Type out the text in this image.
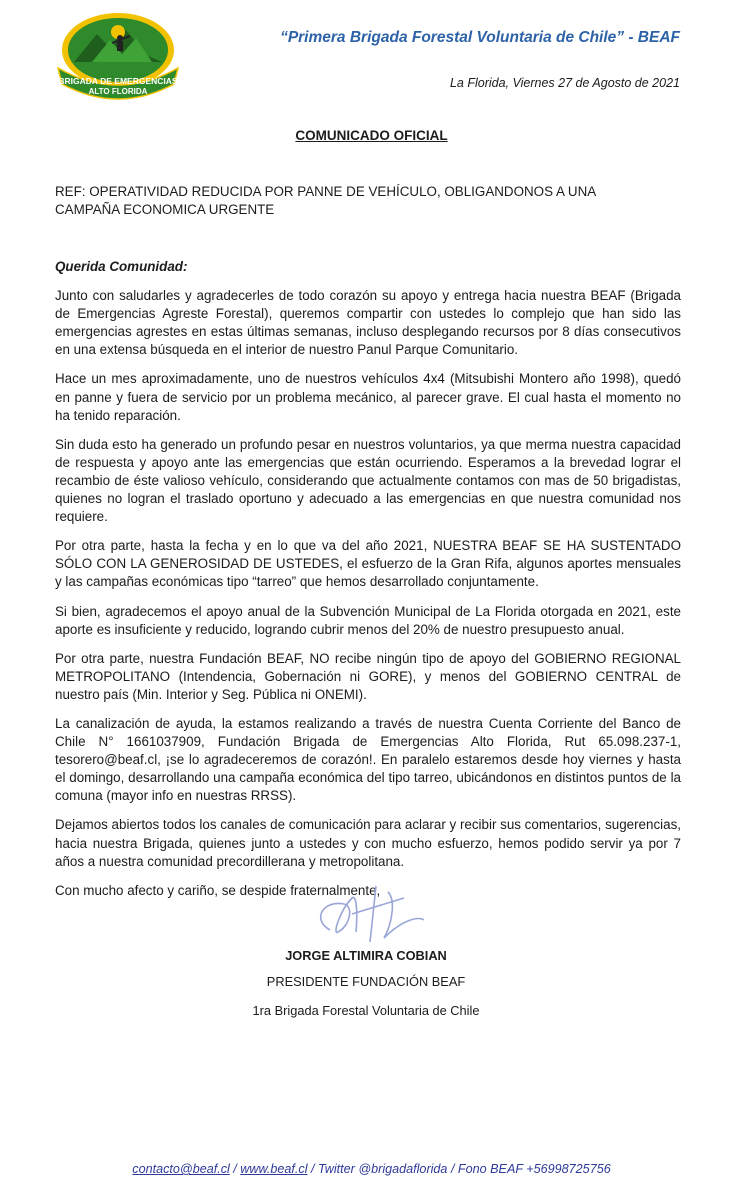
BRIGADA DE EMERGENCIAS
ALTO FLORIDA
“Primera Brigada Forestal Voluntaria de Chile” - BEAF
La Florida, Viernes 27 de Agosto de 2021
COMUNICADO OFICIAL
REF: OPERATIVIDAD REDUCIDA POR PANNE DE VEHÍCULO, OBLIGANDONOS A UNA CAMPAÑA ECONOMICA URGENTE

Querida Comunidad:

Junto con saludarles y agradecerles de todo corazón su apoyo y entrega hacia nuestra BEAF (Brigada de Emergencias Agreste Forestal), queremos compartir con ustedes lo complejo que han sido las emergencias agrestes en estas últimas semanas, incluso desplegando recursos por 8 días consecutivos en una extensa búsqueda en el interior de nuestro Panul Parque Comunitario.

Hace un mes aproximadamente, uno de nuestros vehículos 4x4 (Mitsubishi Montero año 1998), quedó en panne y fuera de servicio por un problema mecánico, al parecer grave. El cual hasta el momento no ha tenido reparación.

Sin duda esto ha generado un profundo pesar en nuestros voluntarios, ya que merma nuestra capacidad de respuesta y apoyo ante las emergencias que están ocurriendo. Esperamos a la brevedad lograr el recambio de éste valioso vehículo, considerando que actualmente contamos con mas de 50 brigadistas, quienes no logran el traslado oportuno y adecuado a las emergencias en que nuestra comunidad nos requiere.

Por otra parte, hasta la fecha y en lo que va del año 2021, NUESTRA BEAF SE HA SUSTENTADO SÓLO CON LA GENEROSIDAD DE USTEDES, el esfuerzo de la Gran Rifa, algunos aportes mensuales y las campañas económicas tipo “tarreo” que hemos desarrollado conjuntamente.

Si bien, agradecemos el apoyo anual de la Subvención Municipal de La Florida otorgada en 2021, este aporte es insuficiente y reducido, logrando cubrir menos del 20% de nuestro presupuesto anual.

Por otra parte, nuestra Fundación BEAF, NO recibe ningún tipo de apoyo del GOBIERNO REGIONAL METROPOLITANO (Intendencia, Gobernación ni GORE), y menos del GOBIERNO CENTRAL de nuestro país (Min. Interior y Seg. Pública ni ONEMI).

La canalización de ayuda, la estamos realizando a través de nuestra Cuenta Corriente del Banco de Chile N° 1661037909, Fundación Brigada de Emergencias Alto Florida, Rut 65.098.237-1, tesorero@beaf.cl, ¡se lo agradeceremos de corazón!. En paralelo estaremos desde hoy viernes y hasta el domingo, desarrollando una campaña económica del tipo tarreo, ubicándonos en distintos puntos de la comuna (mayor info en nuestras RRSS).

Dejamos abiertos todos los canales de comunicación para aclarar y recibir sus comentarios, sugerencias, hacia nuestra Brigada, quienes junto a ustedes y con mucho esfuerzo, hemos podido servir ya por 7 años a nuestra comunidad precordillerana y metropolitana.

Con mucho afecto y cariño, se despide fraternalmente,

JORGE ALTIMIRA COBIAN
PRESIDENTE FUNDACIÓN BEAF
1ra Brigada Forestal Voluntaria de Chile
contacto@beaf.cl / www.beaf.cl / Twitter @brigadaflorida / Fono BEAF +56998725756
